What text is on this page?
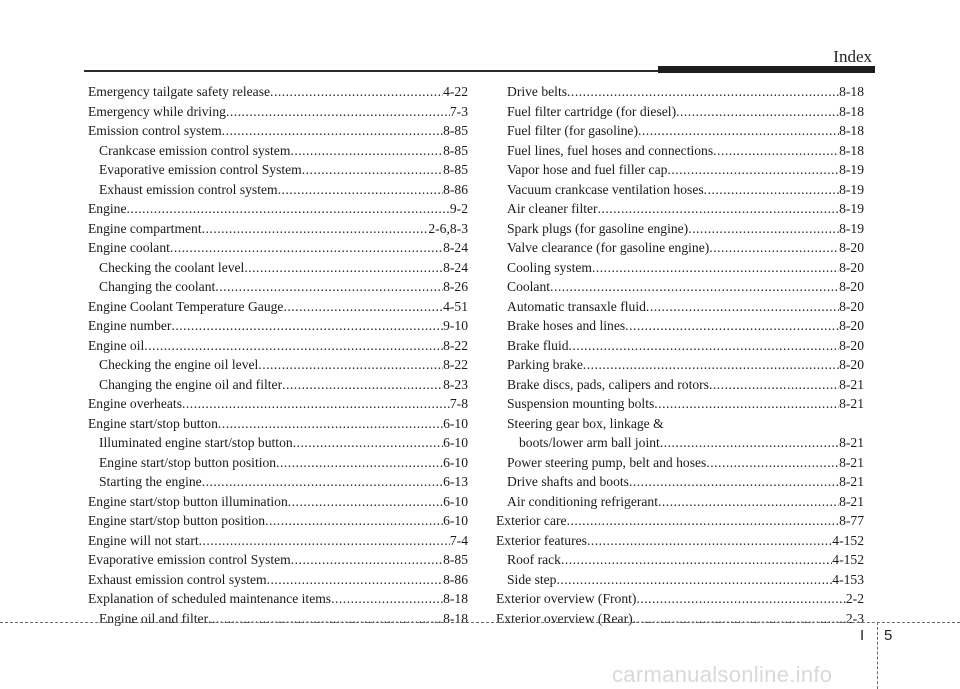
Index
Emergency tailgate safety release .....	4-22
Emergency while driving .....	7-3
Emission control system .....	8-85
Crankcase emission control system .....	8-85
Evaporative emission control System .....	8-85
Exhaust emission control system .....	8-86
Engine .....	9-2
Engine compartment .....	2-6,8-3
Engine coolant .....	8-24
Checking the coolant level .....	8-24
Changing the coolant .....	8-26
Engine Coolant Temperature Gauge .....	4-51
Engine number .....	9-10
Engine oil .....	8-22
Checking the engine oil level .....	8-22
Changing the engine oil and filter .....	8-23
Engine overheats .....	7-8
Engine start/stop button .....	6-10
Illuminated engine start/stop button .....	6-10
Engine start/stop button position .....	6-10
Starting the engine .....	6-13
Engine start/stop button illumination .....	6-10
Engine start/stop button position .....	6-10
Engine will not start .....	7-4
Evaporative emission control System .....	8-85
Exhaust emission control system .....	8-86
Explanation of scheduled maintenance items .....	8-18
Engine oil and filter .....	8-18
Drive belts .....	8-18
Fuel filter cartridge (for diesel) .....	8-18
Fuel filter (for gasoline) .....	8-18
Fuel lines, fuel hoses and connections .....	8-18
Vapor hose and fuel filler cap .....	8-19
Vacuum crankcase ventilation hoses .....	8-19
Air cleaner filter .....	8-19
Spark plugs (for gasoline engine) .....	8-19
Valve clearance (for gasoline engine) .....	8-20
Cooling system .....	8-20
Coolant .....	8-20
Automatic transaxle fluid .....	8-20
Brake hoses and lines .....	8-20
Brake fluid .....	8-20
Parking brake .....	8-20
Brake discs, pads, calipers and rotors .....	8-21
Suspension mounting bolts .....	8-21
Steering gear box, linkage &
boots/lower arm ball joint .....	8-21
Power steering pump, belt and hoses .....	8-21
Drive shafts and boots .....	8-21
Air conditioning refrigerant .....	8-21
Exterior care .....	8-77
Exterior features .....	4-152
Roof rack .....	4-152
Side step .....	4-153
Exterior overview (Front) .....	2-2
Exterior overview (Rear) .....	2-3
I 5
carmanualsonline.info
